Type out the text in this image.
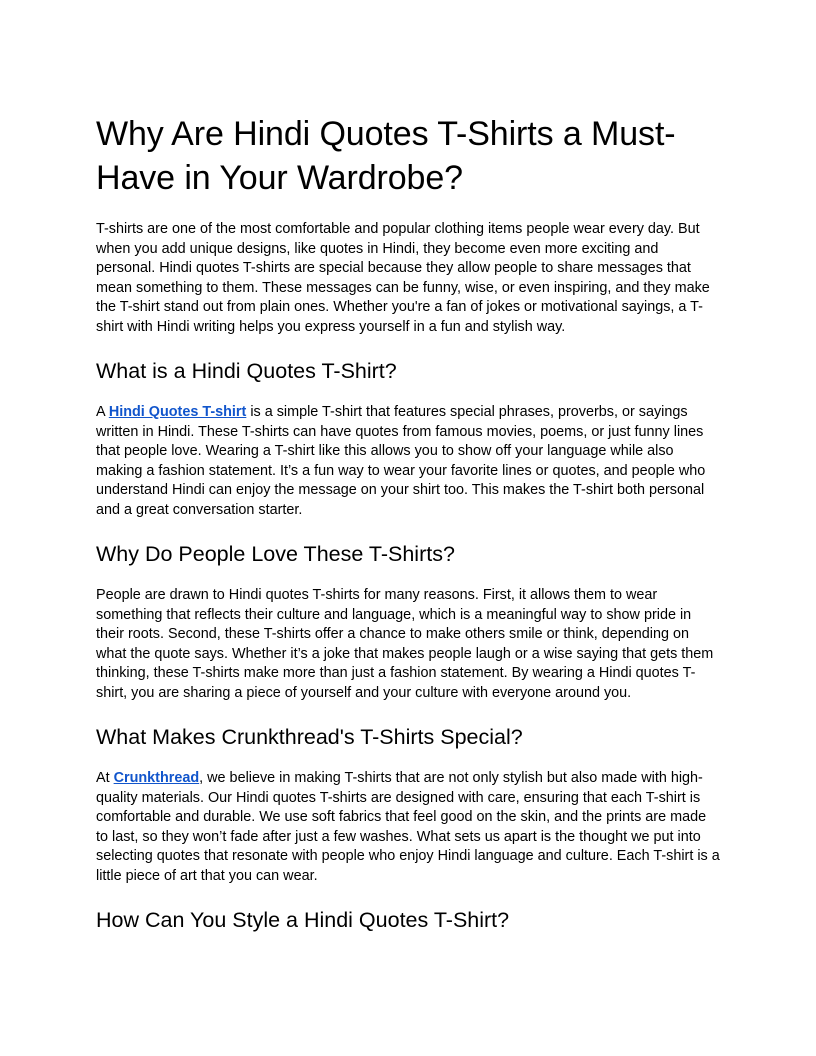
Why Are Hindi Quotes T-Shirts a Must-Have in Your Wardrobe?

T-shirts are one of the most comfortable and popular clothing items people wear every day. But when you add unique designs, like quotes in Hindi, they become even more exciting and personal. Hindi quotes T-shirts are special because they allow people to share messages that mean something to them. These messages can be funny, wise, or even inspiring, and they make the T-shirt stand out from plain ones. Whether you're a fan of jokes or motivational sayings, a T-shirt with Hindi writing helps you express yourself in a fun and stylish way.

What is a Hindi Quotes T-Shirt?

A Hindi Quotes T-shirt is a simple T-shirt that features special phrases, proverbs, or sayings written in Hindi. These T-shirts can have quotes from famous movies, poems, or just funny lines that people love. Wearing a T-shirt like this allows you to show off your language while also making a fashion statement. It’s a fun way to wear your favorite lines or quotes, and people who understand Hindi can enjoy the message on your shirt too. This makes the T-shirt both personal and a great conversation starter.

Why Do People Love These T-Shirts?

People are drawn to Hindi quotes T-shirts for many reasons. First, it allows them to wear something that reflects their culture and language, which is a meaningful way to show pride in their roots. Second, these T-shirts offer a chance to make others smile or think, depending on what the quote says. Whether it’s a joke that makes people laugh or a wise saying that gets them thinking, these T-shirts make more than just a fashion statement. By wearing a Hindi quotes T-shirt, you are sharing a piece of yourself and your culture with everyone around you.

What Makes Crunkthread's T-Shirts Special?

At Crunkthread, we believe in making T-shirts that are not only stylish but also made with high-quality materials. Our Hindi quotes T-shirts are designed with care, ensuring that each T-shirt is comfortable and durable. We use soft fabrics that feel good on the skin, and the prints are made to last, so they won’t fade after just a few washes. What sets us apart is the thought we put into selecting quotes that resonate with people who enjoy Hindi language and culture. Each T-shirt is a little piece of art that you can wear.

How Can You Style a Hindi Quotes T-Shirt?
